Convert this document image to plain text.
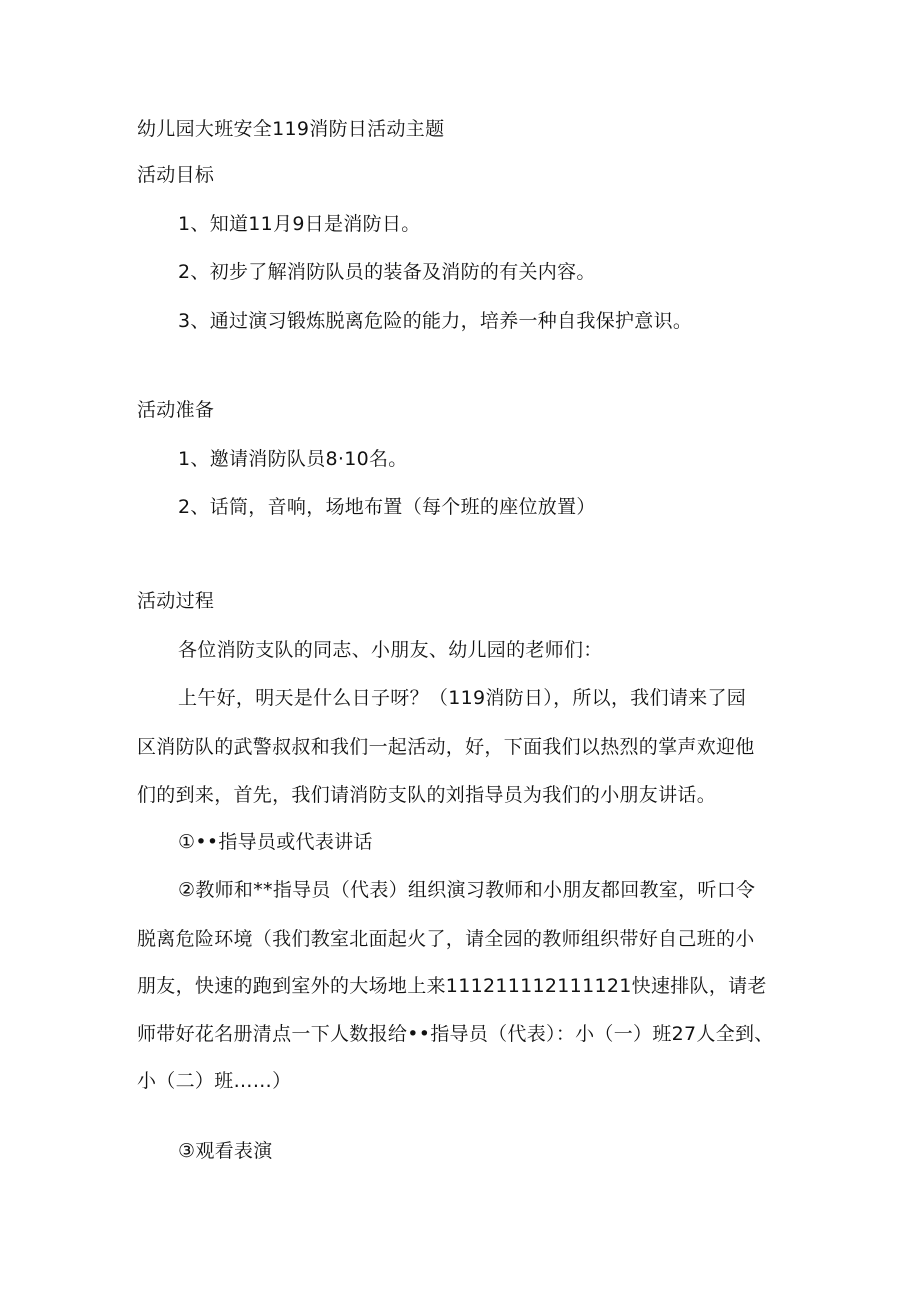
幼儿园大班安全119消防日活动主题
活动目标
1、知道11月9日是消防日。
2、初步了解消防队员的装备及消防的有关内容。
3、通过演习锻炼脱离危险的能力，培养一种自我保护意识。
活动准备
1、邀请消防队员8·10名。
2、话筒，音响，场地布置（每个班的座位放置）
活动过程
各位消防支队的同志、小朋友、幼儿园的老师们：
上午好，明天是什么日子呀？（119消防日），所以，我们请来了园
区消防队的武警叔叔和我们一起活动，好，下面我们以热烈的掌声欢迎他
们的到来，首先，我们请消防支队的刘指导员为我们的小朋友讲话。
①••指导员或代表讲话
②教师和**指导员（代表）组织演习教师和小朋友都回教室，听口令
脱离危险环境（我们教室北面起火了，请全园的教师组织带好自己班的小
朋友，快速的跑到室外的大场地上来111211112111121快速排队，请老
师带好花名册清点一下人数报给••指导员（代表）：小（一）班27人全到、
小（二）班……）
③观看表演
